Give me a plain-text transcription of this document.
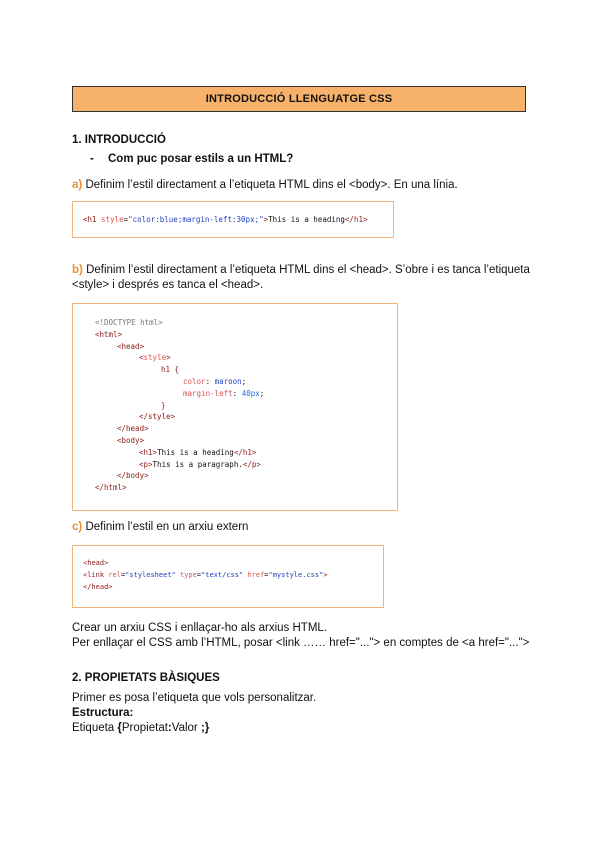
INTRODUCCIÓ LLENGUATGE CSS
1. INTRODUCCIÓ
- Com puc posar estils a un HTML?
a) Definim l’estil directament a l’etiqueta HTML dins el <body>. En una línia.
<h1 style="color:blue;margin-left:30px;">This is a heading</h1>
b) Definim l’estil directament a l’etiqueta HTML dins el <head>. S’obre i es tanca l’etiqueta
<style> i després es tanca el <head>.
<!DOCTYPE html>
<html>
<head>
<style>
h1 {
color: maroon;
margin-left: 40px;
}
</style>
</head>
<body>
<h1>This is a heading</h1>
<p>This is a paragraph.</p>
</body>
</html>
c) Definim l’estil en un arxiu extern
<head>
<link rel="stylesheet" type="text/css" href="mystyle.css">
</head>
Crear un arxiu CSS i enllaçar-ho als arxius HTML.
Per enllaçar el CSS amb l’HTML, posar <link …… href="..."> en comptes de <a href="...">
2. PROPIETATS BÀSIQUES
Primer es posa l’etiqueta que vols personalitzar.
Estructura:
Etiqueta {Propietat:Valor ;}
